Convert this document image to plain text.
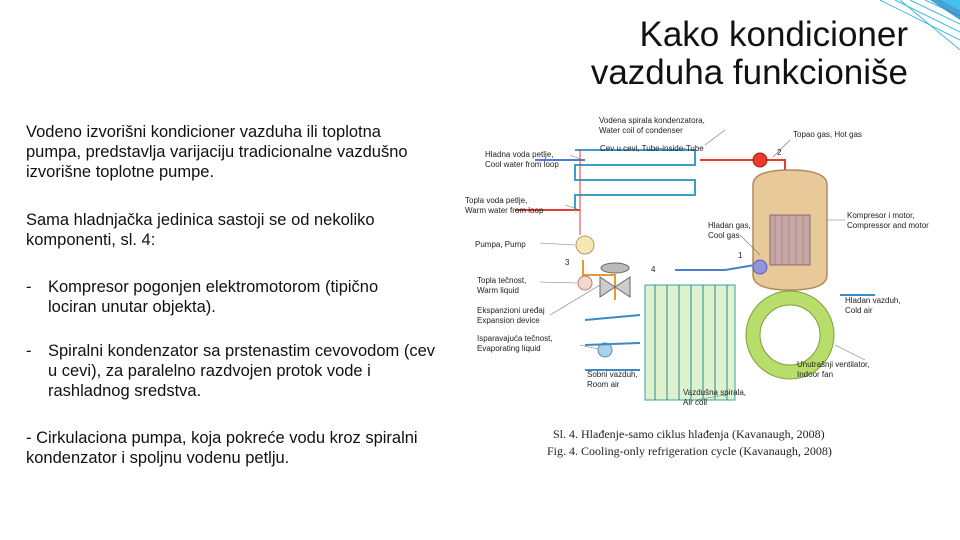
Kako kondicioner
vazduha funkcioniše

Vodeno izvorišni kondicioner vazduha ili toplotna pumpa, predstavlja varijaciju tradicionalne vazdušno izvorišne toplotne pumpe.

Sama hladnjačka jedinica sastoji se od nekoliko komponenti, sl. 4:

- Kompresor pogonjen elektromotorom (tipično lociran unutar objekta).
- Spiralni kondenzator sa prstenastim cevovodom (cev u cevi), za paralelno razdvojen protok vode i rashladnog sredstva.

- Cirkulaciona pumpa, koja pokreće vodu kroz spiralni kondenzator i spoljnu vodenu petlju.

Vodena spirala kondenzatora,
Water coil of condenser
Cev u cevi, Tube-inside-Tube
Hladna voda petlje,
Cool water from loop
Topao gas, Hot gas
2
Topla voda petlje,
Warm water from loop
Pumpa, Pump
Kompresor i motor,
Compressor and motor
Hladan gas,
Cool gas
1
3
4
Topla tečnost,
Warm liquid
Ekspanzioni uređaj
Expansion device
Isparavajuća tečnost,
Evaporating liquid
Hladan vazduh,
Cold air
Sobni vazduh,
Room air
Unutrašnji ventilator,
Indoor fan
Vazdušna spirala,
Air coil
Sl. 4. Hlađenje-samo ciklus hlađenja (Kavanaugh, 2008)
Fig. 4. Cooling-only refrigeration cycle (Kavanaugh, 2008)
